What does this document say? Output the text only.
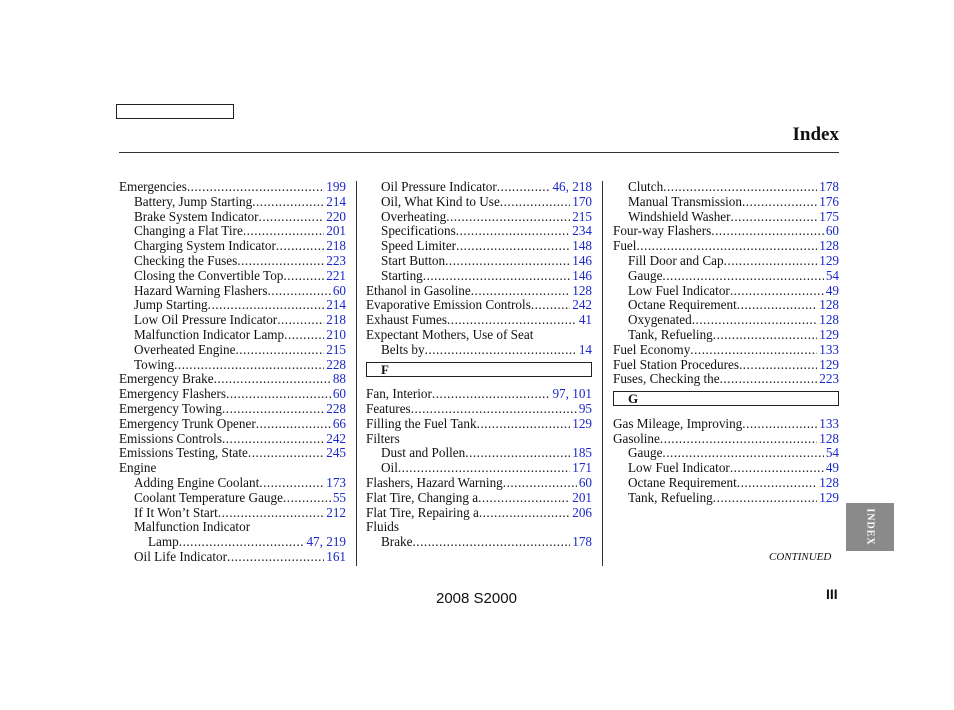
Index
Emergencies .....	199
Battery, Jump Starting .....	214
Brake System Indicator .....	220
Changing a Flat Tire .....	201
Charging System Indicator .....	218
Checking the Fuses .....	223
Closing the Convertible Top .....	221
Hazard Warning Flashers .....	60
Jump Starting .....	214
Low Oil Pressure Indicator .....	218
Malfunction Indicator Lamp .....	210
Overheated Engine .....	215
Towing .....	228
Emergency Brake .....	88
Emergency Flashers .....	60
Emergency Towing .....	228
Emergency Trunk Opener .....	66
Emissions Controls .....	242
Emissions Testing, State .....	245
Engine
Adding Engine Coolant .....	173
Coolant Temperature Gauge .....	55
If It Won’t Start .....	212
Malfunction Indicator
Lamp .....	47, 219
Oil Life Indicator .....	161
Oil Pressure Indicator .....	46, 218
Oil, What Kind to Use .....	170
Overheating .....	215
Specifications .....	234
Speed Limiter .....	148
Start Button .....	146
Starting .....	146
Ethanol in Gasoline .....	128
Evaporative Emission Controls .....	242
Exhaust Fumes .....	41
Expectant Mothers, Use of Seat
Belts by .....	14
F
Fan, Interior .....	97, 101
Features .....	95
Filling the Fuel Tank .....	129
Filters
Dust and Pollen .....	185
Oil .....	171
Flashers, Hazard Warning .....	60
Flat Tire, Changing a .....	201
Flat Tire, Repairing a .....	206
Fluids
Brake .....	178
Clutch .....	178
Manual Transmission .....	176
Windshield Washer .....	175
Four-way Flashers .....	60
Fuel .....	128
Fill Door and Cap .....	129
Gauge .....	54
Low Fuel Indicator .....	49
Octane Requirement .....	128
Oxygenated .....	128
Tank, Refueling .....	129
Fuel Economy .....	133
Fuel Station Procedures .....	129
Fuses, Checking the .....	223
G
Gas Mileage, Improving .....	133
Gasoline .....	128
Gauge .....	54
Low Fuel Indicator .....	49
Octane Requirement .....	128
Tank, Refueling .....	129
INDEX
CONTINUED
2008 S2000	III
